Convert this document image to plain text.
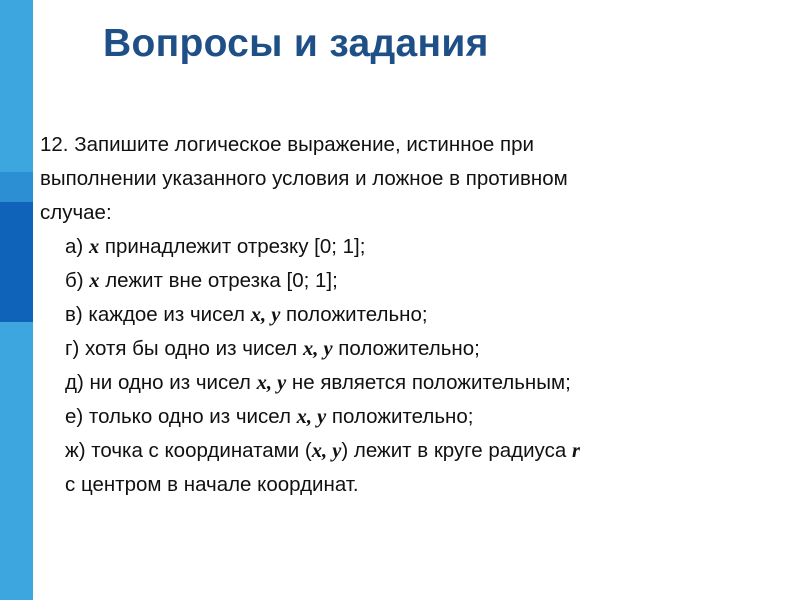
Вопросы и задания
12. Запишите логическое выражение, истинное при
выполнении указанного условия и ложное в противном
случае:
а) x принадлежит отрезку [0; 1];
б) x лежит вне отрезка [0; 1];
в) каждое из чисел x, y положительно;
г) хотя бы одно из чисел x, y положительно;
д) ни одно из чисел x, y не является положительным;
е) только одно из чисел x, y положительно;
ж) точка с координатами (x, y) лежит в круге радиуса r
с центром в начале координат.
